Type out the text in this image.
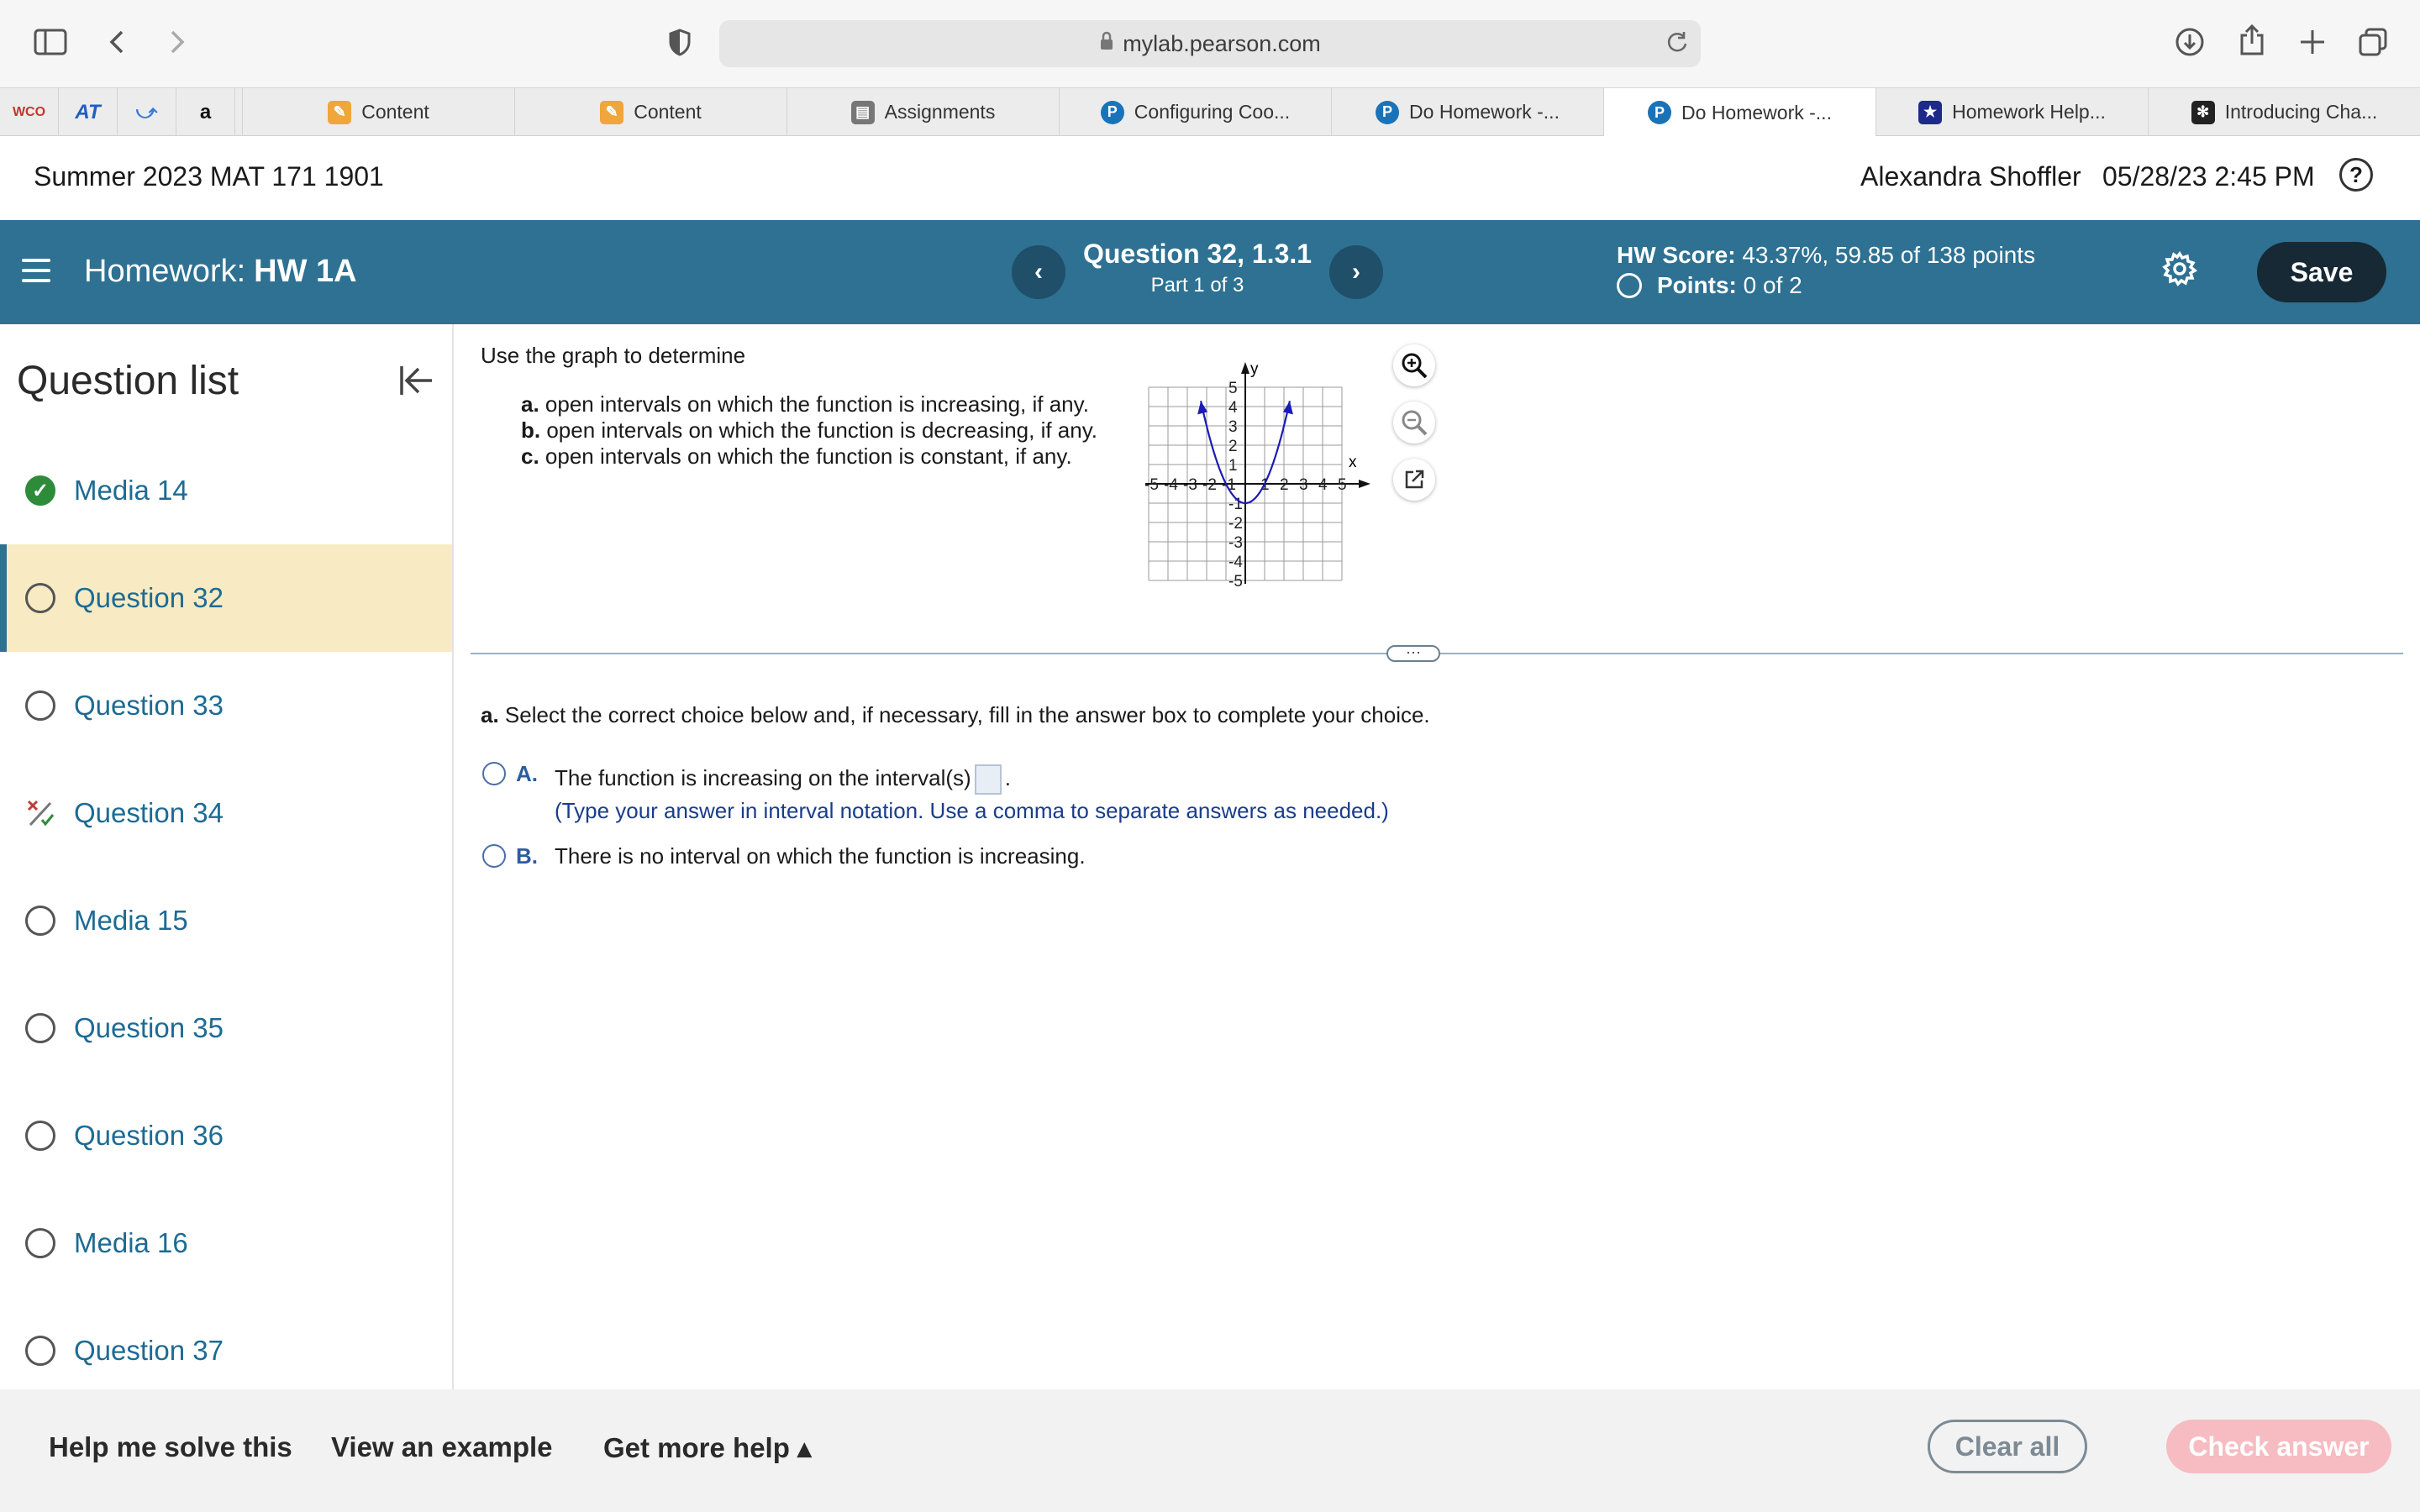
mylab.pearson.com
WCO	AT	⤻	a	✎ Content	✎ Content	▤ Assignments	P Configuring Coo...	P Do Homework -...	P Do Homework -...	★ Homework Help...	✻ Introducing Cha...
Summer 2023 MAT 171 1901	Alexandra Shoffler 05/28/23 2:45 PM	?
Homework: HW 1A	‹
Question 32, 1.3.1
Part 1 of 3	›
HW Score: 43.37%, 59.85 of 138 points
Points:
0 of 2	Save
Question list
✓ Media 14
Question 32
Question 33
Question 34
Media 15
Question 35
Question 36
Media 16
Question 37
Use the graph to determine
a. open intervals on which the function is increasing, if any.
b. open intervals on which the function is decreasing, if any.
c. open intervals on which the function is constant, if any.	x
y
-5 -4 -3 -2 -1 1 2 3 4 5
5
4
3
2
1
-1
-2
-3
-4
-5
···
a. Select the correct choice below and, if necessary, fill in the answer box to complete your choice.
A. The function is increasing on the interval(s) .
(Type your answer in interval notation. Use a comma to separate answers as needed.)
B. There is no interval on which the function is increasing.
Help me solve this View an example Get more help ▴	Clear all	Check answer
